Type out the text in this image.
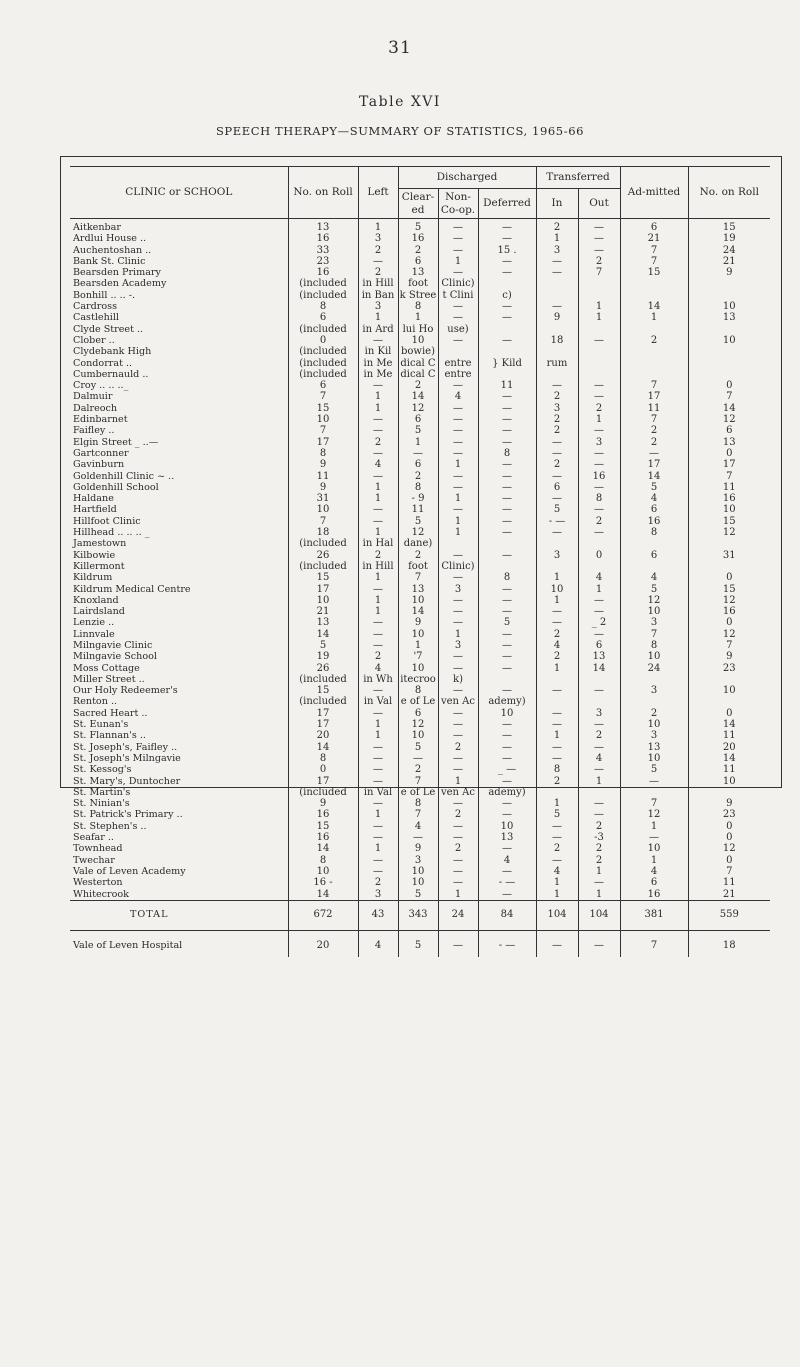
31
Table XVI
SPEECH THERAPY—SUMMARY OF STATISTICS, 1965-66
CLINIC or SCHOOL	No. on Roll	Left	Discharged			Transferred		Ad-mitted	No. on Roll
			Clear-ed	Non-Co-op.	Deferred	In	Out		
Aitkenbar	13	1	5	—	—	2	—	6	15
Ardlui House ..	16	3	16	—	—	1	—	21	19
Auchentoshan ..	33	2	2	—	15 .	3	—	7	24
Bank St. Clinic	23	—	6	1	—	—	2	7	21
Bearsden Primary	16	2	13	—	—	—	7	15	9
Bearsden Academy	(included	in Hill	foot	Clinic)					
Bonhill .. .. -.	(included	in Ban	k Stree	t Clini	c)				
Cardross	8	3	8	—	—	—	1	14	10
Castlehill	6	1	1	—	—	9	1	1	13
Clyde Street ..	(included	in Ard	lui Ho	use)					
Clober ..	0	—	10	—	—	18	—	2	10
Clydebank High	(included	in Kil	bowie)						
Condorrat ..	(included	in Me	dical C	entre	} Kild	rum			
Cumbernauld ..	(included	in Me	dical C	entre					
Croy .. .. .._	6	—	2	—	11	—	—	7	0
Dalmuir	7	1	14	4	—	2	—	17	7
Dalreoch	15	1	12	—	—	3	2	11	14
Edinbarnet	10	—	6	—	—	2	1	7	12
Faifley ..	7	—	5	—	—	2	—	2	6
Elgin Street _ ..—	17	2	1	—	—	—	3	2	13
Gartconner	8	—	—	—	8	—	—	—	0
Gavinburn	9	4	6	1	—	2	—	17	17
Goldenhill Clinic ~ ..	11	—	2	—	—	—	16	14	7
Goldenhill School	9	1	8	—	—	6	—	5	11
Haldane	31	1	- 9	1	—	—	8	4	16
Hartfield	10	—	11	—	—	5	—	6	10
Hillfoot Clinic	7	—	5	1	—	- —	2	16	15
Hillhead .. .. .. _	18	1	12	1	—	—	—	8	12
Jamestown	(included	in Hal	dane)						
Kilbowie	26	2	2	—	—	3	0	6	31
Killermont	(included	in Hill	foot	Clinic)					
Kildrum	15	1	7	—	8	1	4	4	0
Kildrum Medical Centre	17	—	13	3	—	10	1	5	15
Knoxland	10	1	10	—	—	1	—	12	12
Lairdsland	21	1	14	—	—	—	—	10	16
Lenzie ..	13	—	9	—	5	—	_ 2	3	0
Linnvale	14	—	10	1	—	2	—	7	12
Milngavie Clinic	5	—	1	3	—	4	6	8	7
Milngavie School	19	2	'7	—	—	2	13	10	9
Moss Cottage	26	4	10	—	—	1	14	24	23
Miller Street ..	(included	in Wh	itecroo	k)					
Our Holy Redeemer's	15	—	8	—	—	—	—	3	10
Renton ..	(included	in Val	e of Le	ven Ac	ademy)				
Sacred Heart ..	17	—	6	—	10	—	3	2	0
St. Eunan's	17	1	12	—	—	—	—	10	14
St. Flannan's ..	20	1	10	—	—	1	2	3	11
St. Joseph's, Faifley ..	14	—	5	2	—	—	—	13	20
St. Joseph's Milngavie	8	—	—	—	—	—	4	10	14
St. Kessog's	0	—	2	—	_ —	8	—	5	11
St. Mary's, Duntocher	17	—	7	1	—	2	1	—	10
St. Martin's	(included	in Val	e of Le	ven Ac	ademy)				
St. Ninian's	9	—	8	—	—	1	—	7	9
St. Patrick's Primary ..	16	1	7	2	—	5	—	12	23
St. Stephen's ..	15	—	4	—	10	—	2	1	0
Seafar ..	16	—	—	—	13	—	-3	—	0
Townhead	14	1	9	2	—	2	2	10	12
Twechar	8	—	3	—	4	—	2	1	0
Vale of Leven Academy	10	—	10	—	—	4	1	4	7
Westerton	16 -	2	10	—	- —	1	—	6	11
Whitecrook	14	3	5	1	—	1	1	16	21
TOTAL	672	43	343	24	84	104	104	381	559
Vale of Leven Hospital	20	4	5	—	- —	—	—	7	18
